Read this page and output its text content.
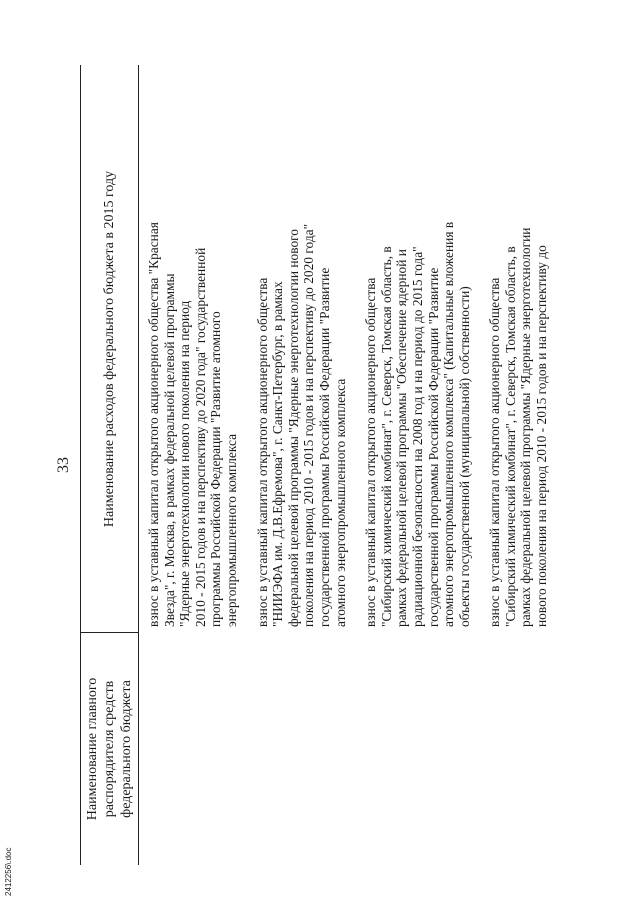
33
Наименование главного распорядителя средств федерального бюджета
Наименование расходов федерального бюджета в 2015 году	взнос в уставный капитал открытого акционерного общества "Красная Звезда", г. Москва, в рамках федеральной целевой программы "Ядерные энерготехнологии нового поколения на период 2010 - 2015 годов и на перспективу до 2020 года" государственной программы Российской Федерации "Развитие атомного энергопромышленного комплекса взнос в уставный капитал открытого акционерного общества "НИИЭФА им. Д.В.Ефремова", г. Санкт-Петербург, в рамках федеральной целевой программы "Ядерные энерготехнологии нового поколения на период 2010 - 2015 годов и на перспективу до 2020 года" государственной программы Российской Федерации "Развитие атомного энергопромышленного комплекса взнос в уставный капитал открытого акционерного общества "Сибирский химический комбинат", г. Северск, Томская область, в рамках федеральной целевой программы "Обеспечение ядерной и радиационной безопасности на 2008 год и на период до 2015 года" государственной программы Российской Федерации "Развитие атомного энергопромышленного комплекса" (Капитальные вложения в объекты государственной (муниципальной) собственности) взнос в уставный капитал открытого акционерного общества "Сибирский химический комбинат", г. Северск, Томская область, в рамках федеральной целевой программы "Ядерные энерготехнологии нового поколения на период 2010 - 2015 годов и на перспективу до
2412256\.doc
